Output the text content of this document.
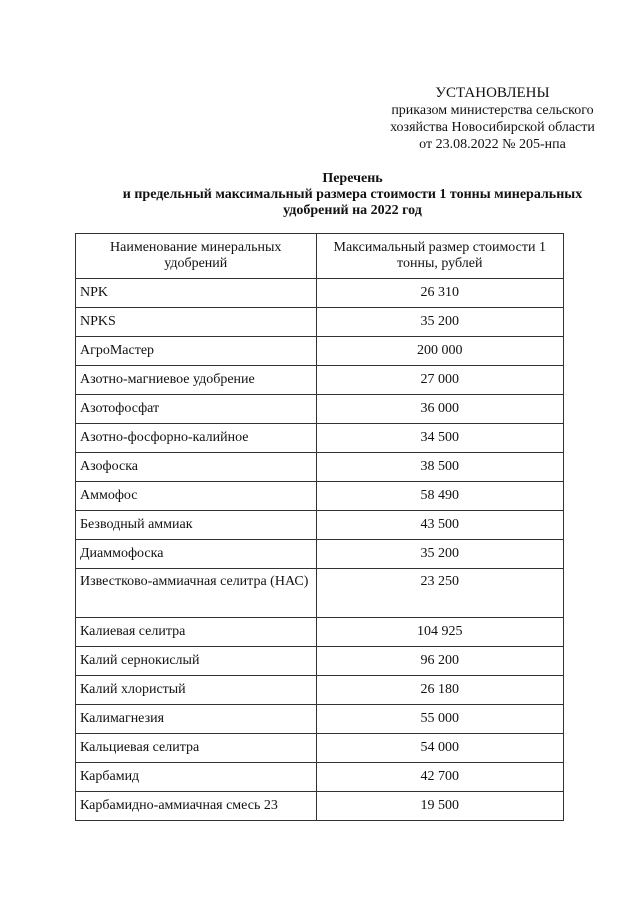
УСТАНОВЛЕНЫ
приказом министерства сельского
хозяйства Новосибирской области
от 23.08.2022 № 205-нпа
Перечень
и предельный максимальный размера стоимости 1 тонны минеральных
удобрений на 2022 год
Наименование минеральных удобрений	Максимальный размер стоимости 1 тонны, рублей
NPK	26 310
NPKS	35 200
АгроМастер	200 000
Азотно-магниевое удобрение	27 000
Азотофосфат	36 000
Азотно-фосфорно-калийное	34 500
Азофоска	38 500
Аммофос	58 490
Безводный аммиак	43 500
Диаммофоска	35 200
Известково-аммиачная селитра (НАС)	23 250
Калиевая селитра	104 925
Калий сернокислый	96 200
Калий хлористый	26 180
Калимагнезия	55 000
Кальциевая селитра	54 000
Карбамид	42 700
Карбамидно-аммиачная смесь 23	19 500
